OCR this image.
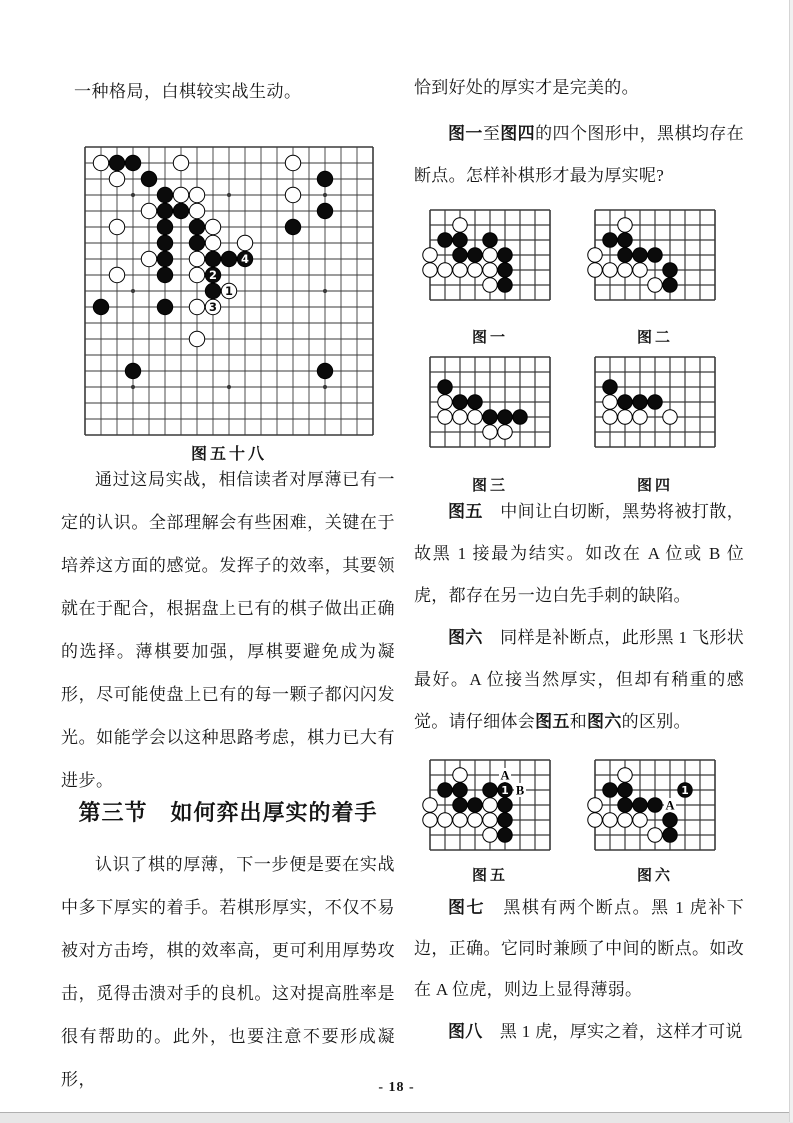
一种格局，白棋较实战生动。

1
3
2
4

图五十八

通过这局实战，相信读者对厚薄已有一定的认识。全部理解会有些困难，关键在于培养这方面的感觉。发挥子的效率，其要领就在于配合，根据盘上已有的棋子做出正确的选择。薄棋要加强，厚棋要避免成为凝形，尽可能使盘上已有的每一颗子都闪闪发光。如能学会以这种思路考虑，棋力已大有进步。

第三节　如何弈出厚实的着手

认识了棋的厚薄，下一步便是要在实战中多下厚实的着手。若棋形厚实，不仅不易被对方击垮，棋的效率高，更可利用厚势攻击，觅得击溃对手的良机。这对提高胜率是很有帮助的。此外，也要注意不要形成凝形，

恰到好处的厚实才是完美的。

图一至图四的四个图形中，黑棋均存在断点。怎样补棋形才最为厚实呢?

图一	图二

图三	图四

图五　中间让白切断，黑势将被打散，故黑 1 接最为结实。如改在 A 位或 B 位虎，都存在另一边白先手刺的缺陷。

图六　同样是补断点，此形黑 1 飞形状最好。A 位接当然厚实，但却有稍重的感觉。请仔细体会图五和图六的区别。

1
A
B	1
A

图五	图六

图七　黑棋有两个断点。黑 1 虎补下边，正确。它同时兼顾了中间的断点。如改在 A 位虎，则边上显得薄弱。

图八　黑 1 虎，厚实之着，这样才可说

- 18 -
